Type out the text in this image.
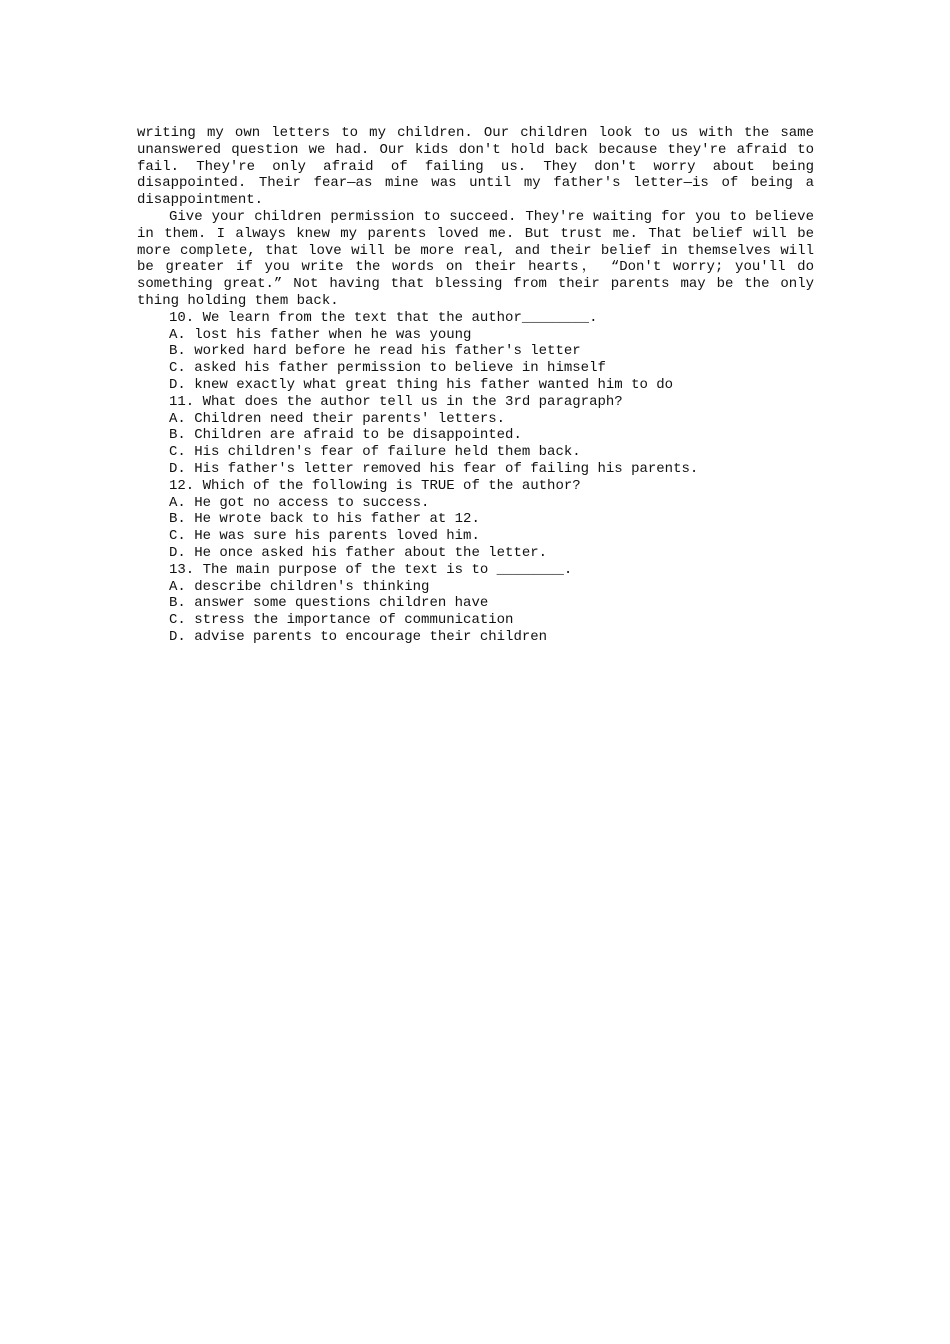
writing my own letters to my children. Our children look to us with the same unanswered question we had. Our kids don't hold back because they're afraid to fail. They're only afraid of failing us. They don't worry about being disappointed. Their fear—as mine was until my father's letter—is of being a disappointment.

Give your children permission to succeed. They're waiting for you to believe in them. I always knew my parents loved me. But trust me. That belief will be more complete, that love will be more real, and their belief in themselves will be greater if you write the words on their hearts， “Don't worry; you'll do something great.” Not having that blessing from their parents may be the only thing holding them back.

10. We learn from the text that the author________.

A. lost his father when he was young

B. worked hard before he read his father's letter

C. asked his father permission to believe in himself

D. knew exactly what great thing his father wanted him to do

11. What does the author tell us in the 3rd paragraph?

A. Children need their parents' letters.

B. Children are afraid to be disappointed.

C. His children's fear of failure held them back.

D. His father's letter removed his fear of failing his parents.

12. Which of the following is TRUE of the author?

A. He got no access to success.

B. He wrote back to his father at 12.

C. He was sure his parents loved him.

D. He once asked his father about the letter.

13. The main purpose of the text is to ________.

A. describe children's thinking

B. answer some questions children have

C. stress the importance of communication

D. advise parents to encourage their children
